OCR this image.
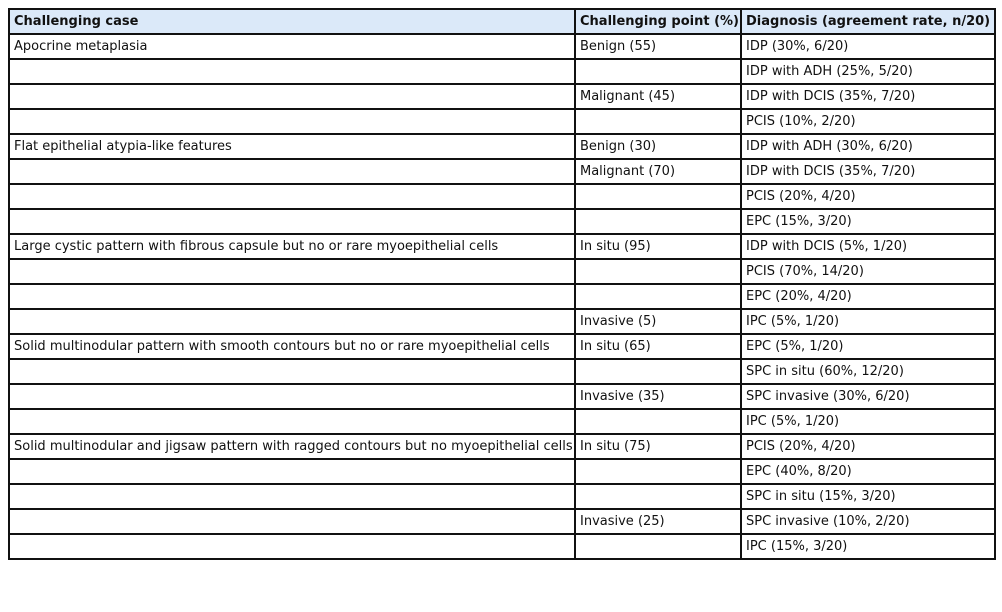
Challenging case	Challenging point (%)	Diagnosis (agreement rate, n/20)
Apocrine metaplasia	Benign (55)	IDP (30%, 6/20)
		IDP with ADH (25%, 5/20)
	Malignant (45)	IDP with DCIS (35%, 7/20)
		PCIS (10%, 2/20)
Flat epithelial atypia-like features	Benign (30)	IDP with ADH (30%, 6/20)
	Malignant (70)	IDP with DCIS (35%, 7/20)
		PCIS (20%, 4/20)
		EPC (15%, 3/20)
Large cystic pattern with fibrous capsule but no or rare myoepithelial cells	In situ (95)	IDP with DCIS (5%, 1/20)
		PCIS (70%, 14/20)
		EPC (20%, 4/20)
	Invasive (5)	IPC (5%, 1/20)
Solid multinodular pattern with smooth contours but no or rare myoepithelial cells	In situ (65)	EPC (5%, 1/20)
		SPC in situ (60%, 12/20)
	Invasive (35)	SPC invasive (30%, 6/20)
		IPC (5%, 1/20)
Solid multinodular and jigsaw pattern with ragged contours but no myoepithelial cells	In situ (75)	PCIS (20%, 4/20)
		EPC (40%, 8/20)
		SPC in situ (15%, 3/20)
	Invasive (25)	SPC invasive (10%, 2/20)
		IPC (15%, 3/20)
